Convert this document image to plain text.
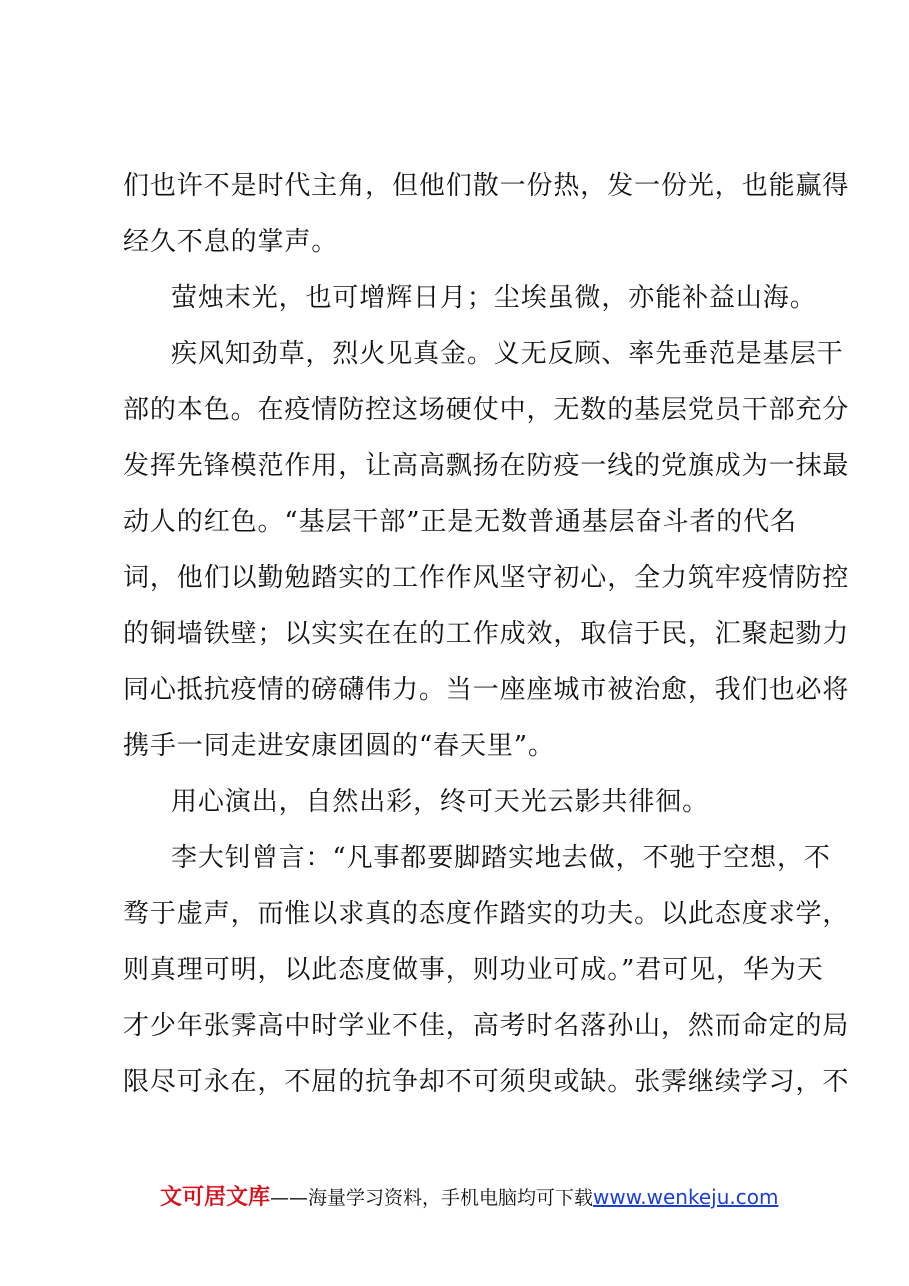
们也许不是时代主角，但他们散一份热，发一份光，也能赢得
经久不息的掌声。
萤烛末光，也可增辉日月；尘埃虽微，亦能补益山海。
疾风知劲草，烈火见真金。义无反顾、率先垂范是基层干
部的本色。在疫情防控这场硬仗中，无数的基层党员干部充分
发挥先锋模范作用，让高高飘扬在防疫一线的党旗成为一抹最
动人的红色。“基层干部”正是无数普通基层奋斗者的代名
词，他们以勤勉踏实的工作作风坚守初心，全力筑牢疫情防控
的铜墙铁壁；以实实在在的工作成效，取信于民，汇聚起勠力
同心抵抗疫情的磅礴伟力。当一座座城市被治愈，我们也必将
携手一同走进安康团圆的“春天里”。
用心演出，自然出彩，终可天光云影共徘徊。
李大钊曾言：“凡事都要脚踏实地去做，不驰于空想，不
骛于虚声，而惟以求真的态度作踏实的功夫。以此态度求学，
则真理可明，以此态度做事，则功业可成。”君可见，华为天
才少年张霁高中时学业不佳，高考时名落孙山，然而命定的局
限尽可永在，不屈的抗争却不可须臾或缺。张霁继续学习，不
文可居文库——海量学习资料，手机电脑均可下载www.wenkeju.com
